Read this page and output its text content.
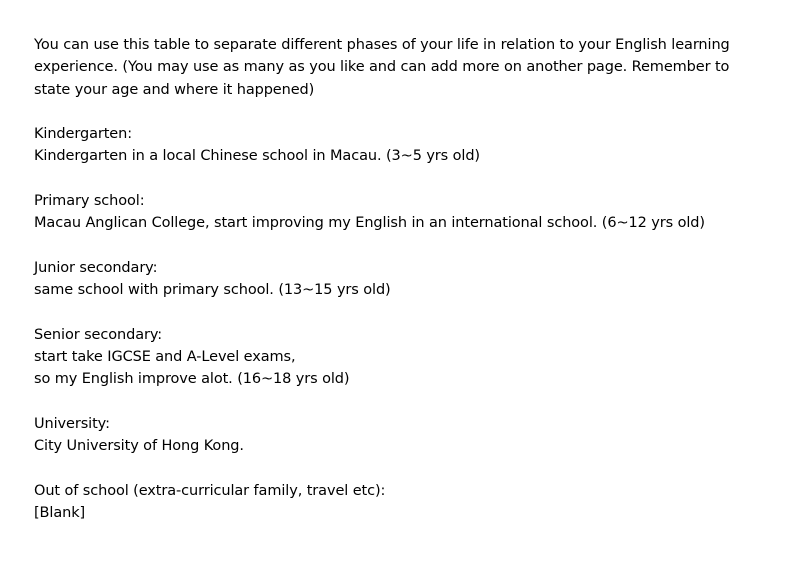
You can use this table to separate different phases of your life in relation to your English learning
experience. (You may use as many as you like and can add more on another page. Remember to
state your age and where it happened)
Kindergarten:
Kindergarten in a local Chinese school in Macau. (3~5 yrs old)
Primary school:
Macau Anglican College, start improving my English in an international school. (6~12 yrs old)
Junior secondary:
same school with primary school. (13~15 yrs old)
Senior secondary:
start take IGCSE and A-Level exams,
so my English improve alot. (16~18 yrs old)
University:
City University of Hong Kong.
Out of school (extra-curricular family, travel etc):
[Blank]
